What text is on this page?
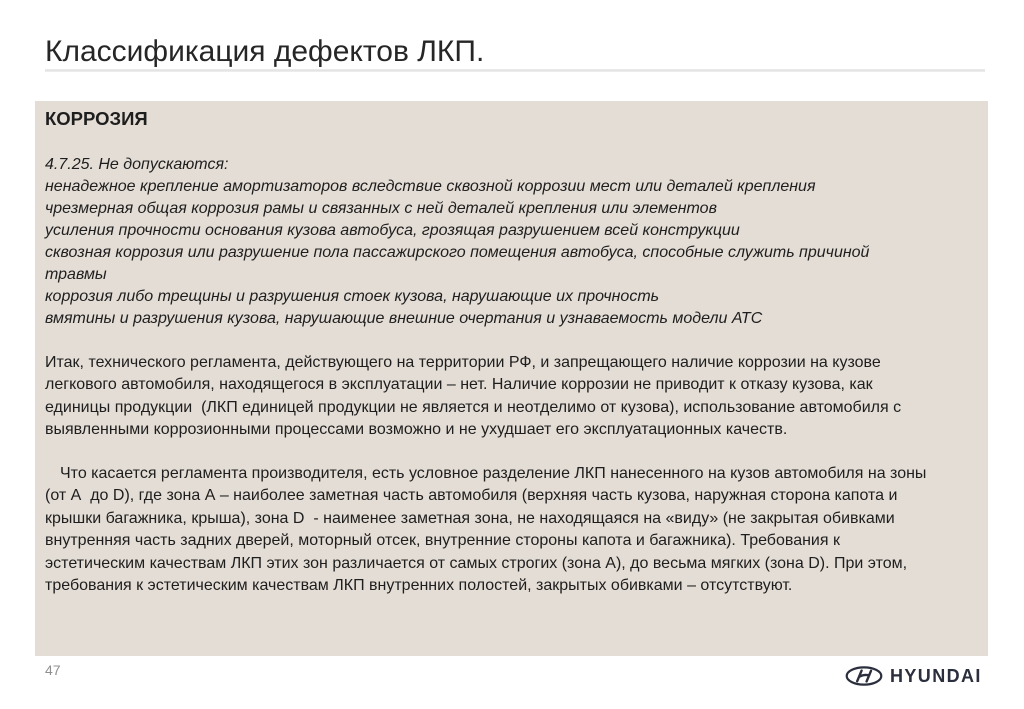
Классификация дефектов ЛКП.
КОРРОЗИЯ
4.7.25. Не допускаются:
ненадежное крепление амортизаторов вследствие сквозной коррозии мест или деталей крепления
чрезмерная общая коррозия рамы и связанных с ней деталей крепления или элементов
усиления прочности основания кузова автобуса, грозящая разрушением всей конструкции
сквозная коррозия или разрушение пола пассажирского помещения автобуса, способные служить причиной
травмы
коррозия либо трещины и разрушения стоек кузова, нарушающие их прочность
вмятины и разрушения кузова, нарушающие внешние очертания и узнаваемость модели АТС
Итак, технического регламента, действующего на территории РФ, и запрещающего наличие коррозии на кузове
легкового автомобиля, находящегося в эксплуатации – нет. Наличие коррозии не приводит к отказу кузова, как
единицы продукции  (ЛКП единицей продукции не является и неотделимо от кузова), использование автомобиля с
выявленными коррозионными процессами возможно и не ухудшает его эксплуатационных качеств.
Что касается регламента производителя, есть условное разделение ЛКП нанесенного на кузов автомобиля на зоны
(от А  до D), где зона А – наиболее заметная часть автомобиля (верхняя часть кузова, наружная сторона капота и
крышки багажника, крыша), зона D  - наименее заметная зона, не находящаяся на «виду» (не закрытая обивками
внутренняя часть задних дверей, моторный отсек, внутренние стороны капота и багажника). Требования к
эстетическим качествам ЛКП этих зон различается от самых строгих (зона А), до весьма мягких (зона D). При этом,
требования к эстетическим качествам ЛКП внутренних полостей, закрытых обивками – отсутствуют.
47	HYUNDAI
